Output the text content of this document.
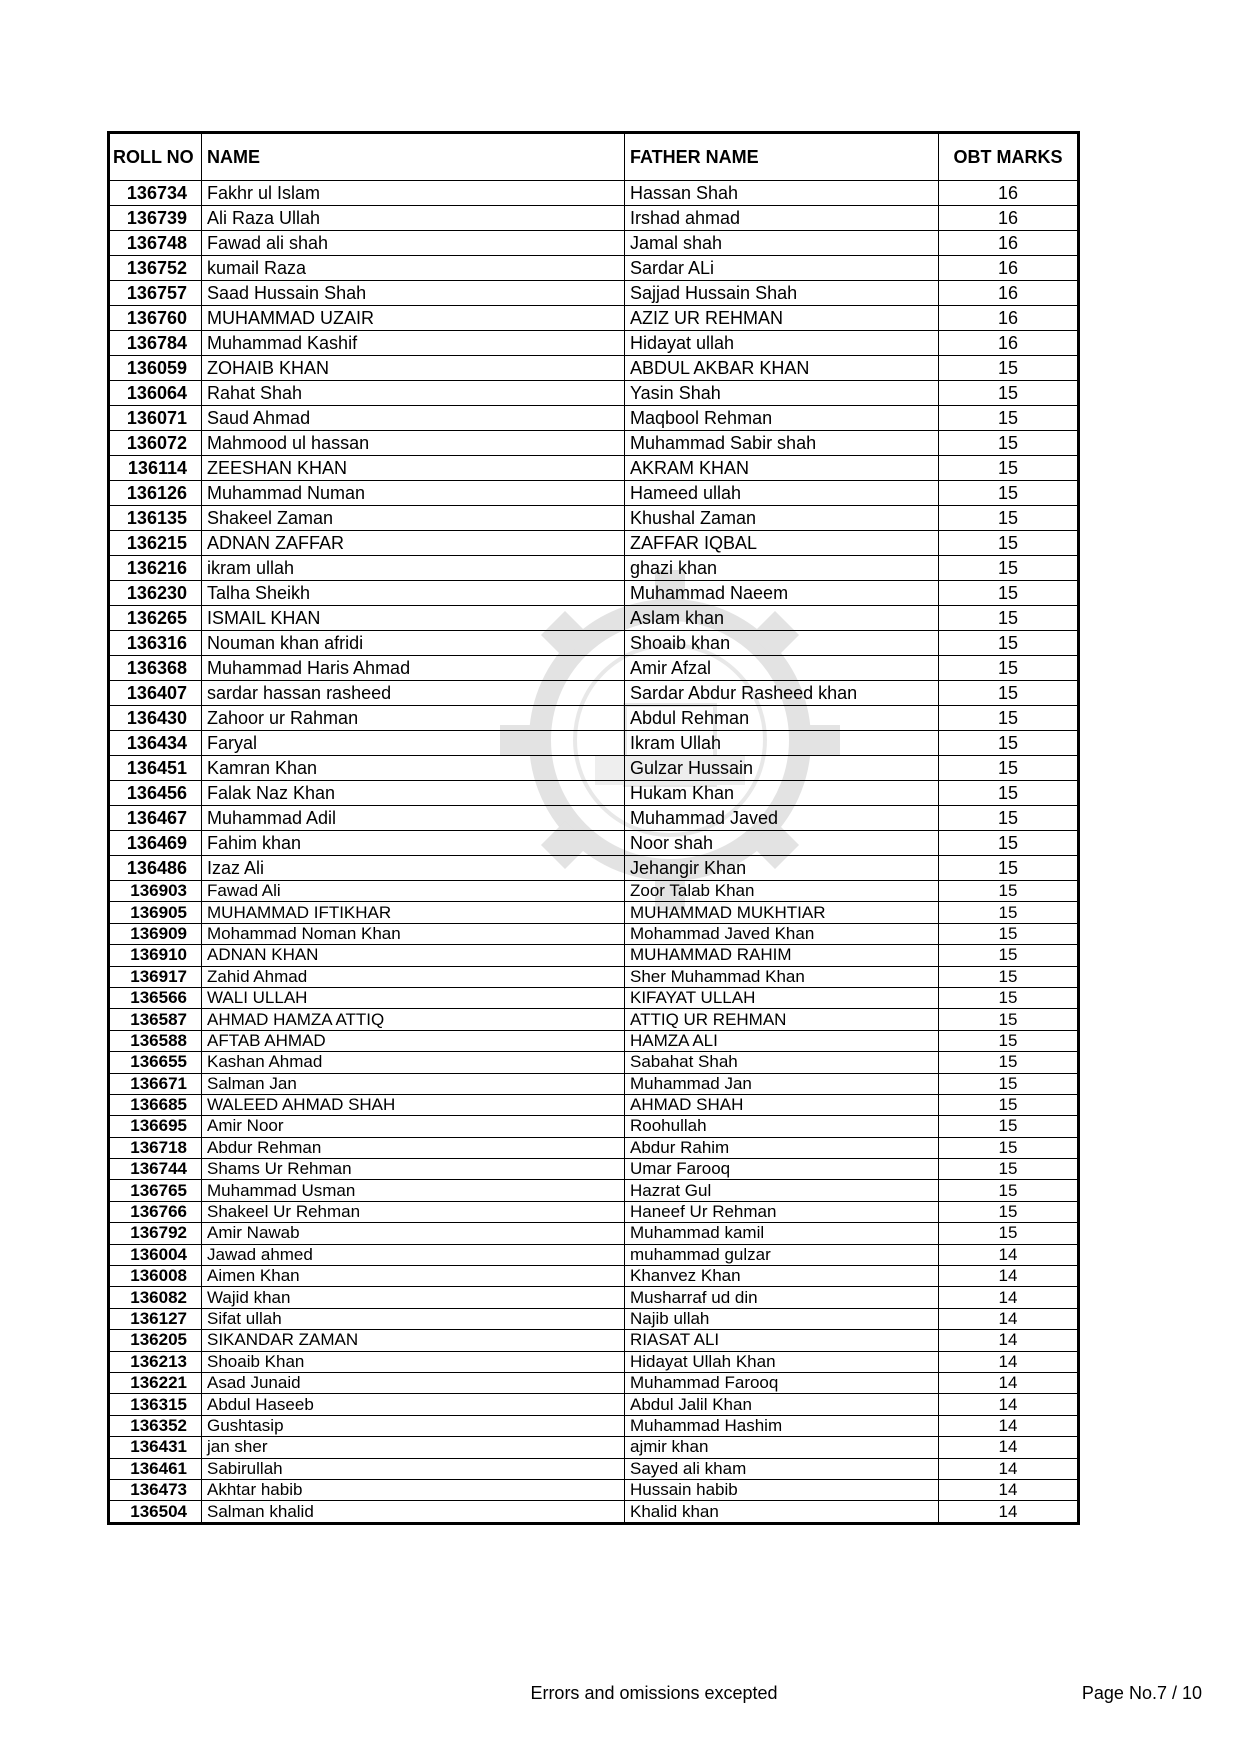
ROLL NO	NAME	FATHER NAME	OBT MARKS
136734	Fakhr ul Islam	Hassan Shah	16
136739	Ali Raza Ullah	Irshad ahmad	16
136748	Fawad ali shah	Jamal shah	16
136752	kumail Raza	Sardar ALi	16
136757	Saad Hussain Shah	Sajjad Hussain Shah	16
136760	MUHAMMAD UZAIR	AZIZ UR REHMAN	16
136784	Muhammad Kashif	Hidayat ullah	16
136059	ZOHAIB KHAN	ABDUL AKBAR KHAN	15
136064	Rahat Shah	Yasin Shah	15
136071	Saud Ahmad	Maqbool Rehman	15
136072	Mahmood ul hassan	Muhammad Sabir shah	15
136114	ZEESHAN KHAN	AKRAM KHAN	15
136126	Muhammad Numan	Hameed ullah	15
136135	Shakeel Zaman	Khushal Zaman	15
136215	ADNAN ZAFFAR	ZAFFAR IQBAL	15
136216	ikram ullah	ghazi khan	15
136230	Talha Sheikh	Muhammad Naeem	15
136265	ISMAIL KHAN	Aslam khan	15
136316	Nouman khan afridi	Shoaib khan	15
136368	Muhammad Haris Ahmad	Amir Afzal	15
136407	sardar hassan rasheed	Sardar Abdur Rasheed khan	15
136430	Zahoor ur Rahman	Abdul Rehman	15
136434	Faryal	Ikram Ullah	15
136451	Kamran Khan	Gulzar Hussain	15
136456	Falak Naz Khan	Hukam Khan	15
136467	Muhammad Adil	Muhammad Javed	15
136469	Fahim khan	Noor shah	15
136486	Izaz Ali	Jehangir Khan	15
136903	Fawad Ali	Zoor Talab Khan	15
136905	MUHAMMAD IFTIKHAR	MUHAMMAD MUKHTIAR	15
136909	Mohammad Noman Khan	Mohammad Javed Khan	15
136910	ADNAN KHAN	MUHAMMAD RAHIM	15
136917	Zahid Ahmad	Sher Muhammad Khan	15
136566	WALI ULLAH	KIFAYAT ULLAH	15
136587	AHMAD HAMZA ATTIQ	ATTIQ UR REHMAN	15
136588	AFTAB AHMAD	HAMZA ALI	15
136655	Kashan Ahmad	Sabahat Shah	15
136671	Salman Jan	Muhammad Jan	15
136685	WALEED AHMAD SHAH	AHMAD SHAH	15
136695	Amir Noor	Roohullah	15
136718	Abdur Rehman	Abdur Rahim	15
136744	Shams Ur Rehman	Umar Farooq	15
136765	Muhammad Usman	Hazrat Gul	15
136766	Shakeel Ur Rehman	Haneef Ur Rehman	15
136792	Amir Nawab	Muhammad kamil	15
136004	Jawad ahmed	muhammad gulzar	14
136008	Aimen Khan	Khanvez Khan	14
136082	Wajid khan	Musharraf ud din	14
136127	Sifat ullah	Najib ullah	14
136205	SIKANDAR ZAMAN	RIASAT ALI	14
136213	Shoaib Khan	Hidayat Ullah Khan	14
136221	Asad Junaid	Muhammad Farooq	14
136315	Abdul Haseeb	Abdul Jalil Khan	14
136352	Gushtasip	Muhammad Hashim	14
136431	jan sher	ajmir khan	14
136461	Sabirullah	Sayed ali kham	14
136473	Akhtar habib	Hussain habib	14
136504	Salman khalid	Khalid khan	14
Errors and omissions excepted	Page No.7 / 10
